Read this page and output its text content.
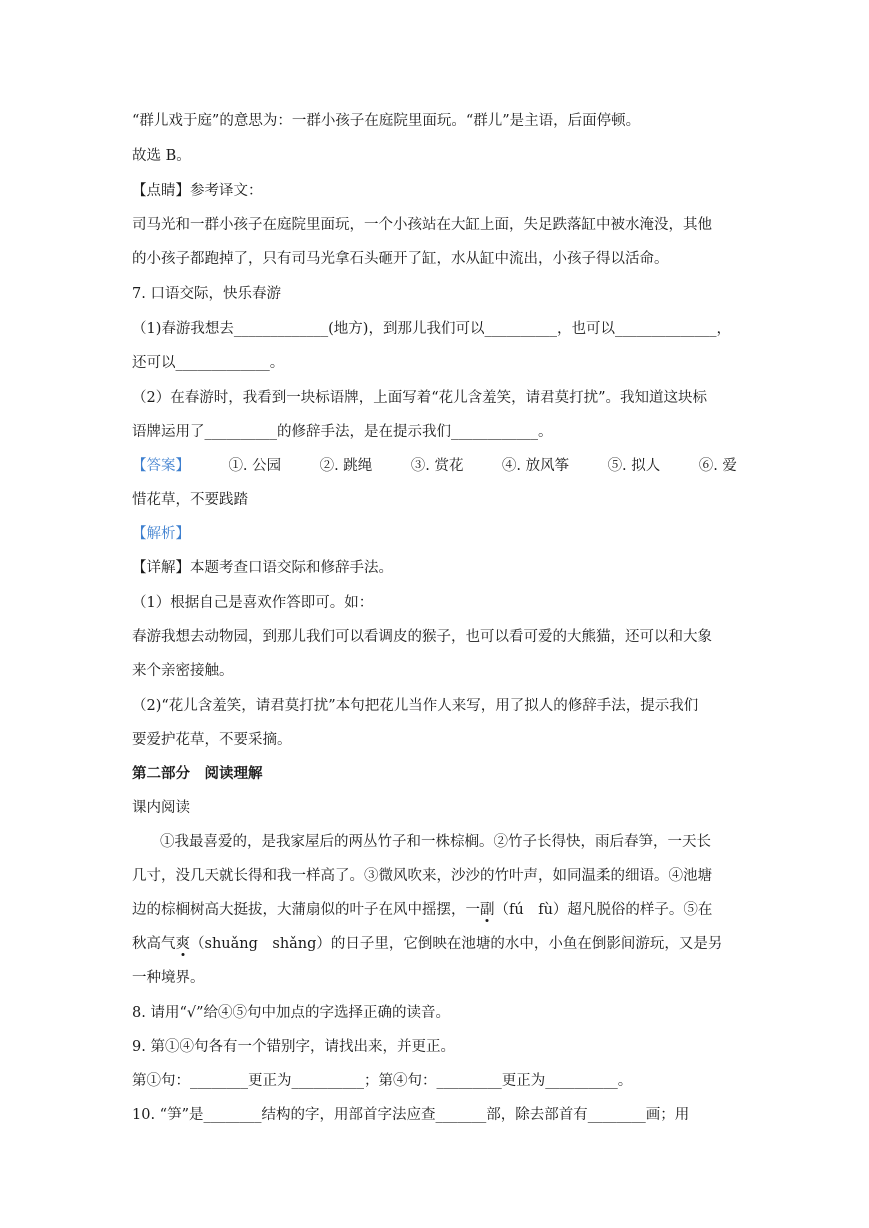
“群儿戏于庭”的意思为：一群小孩子在庭院里面玩。“群儿”是主语，后面停顿。
故选 B。
【点睛】参考译文：
司马光和一群小孩子在庭院里面玩，一个小孩站在大缸上面，失足跌落缸中被水淹没，其他
的小孩子都跑掉了，只有司马光拿石头砸开了缸，水从缸中流出，小孩子得以活命。
7. 口语交际，快乐春游
（1)春游我想去_____________(地方)，到那儿我们可以__________，也可以______________，
还可以_____________。
（2）在春游时，我看到一块标语牌，上面写着“花儿含羞笑，请君莫打扰”。我知道这块标
语牌运用了__________的修辞手法，是在提示我们____________。
【答案】	①. 公园	②. 跳绳	③. 赏花	④. 放风筝	⑤. 拟人	⑥. 爱
惜花草，不要践踏
【解析】
【详解】本题考查口语交际和修辞手法。
（1）根据自己是喜欢作答即可。如：
春游我想去动物园，到那儿我们可以看调皮的猴子，也可以看可爱的大熊猫，还可以和大象
来个亲密接触。
（2)“花儿含羞笑，请君莫打扰”本句把花儿当作人来写，用了拟人的修辞手法，提示我们
要爱护花草，不要采摘。
第二部分　阅读理解
课内阅读
①我最喜爱的，是我家屋后的两丛竹子和一株棕榈。②竹子长得快，雨后春笋，一天长
几寸，没几天就长得和我一样高了。③微风吹来，沙沙的竹叶声，如同温柔的细语。④池塘
边的棕榈树高大挺拔，大蒲扇似的叶子在风中摇摆，一副（fú　fù）超凡脱俗的样子。⑤在
秋高气爽（shuǎng　shǎng）的日子里，它倒映在池塘的水中，小鱼在倒影间游玩，又是另
一种境界。
8. 请用“√”给④⑤句中加点的字选择正确的读音。
9. 第①④句各有一个错别字，请找出来，并更正。
第①句：________更正为__________；第④句：_________更正为__________。
10. “笋”是________结构的字，用部首字法应查_______部，除去部首有________画；用
